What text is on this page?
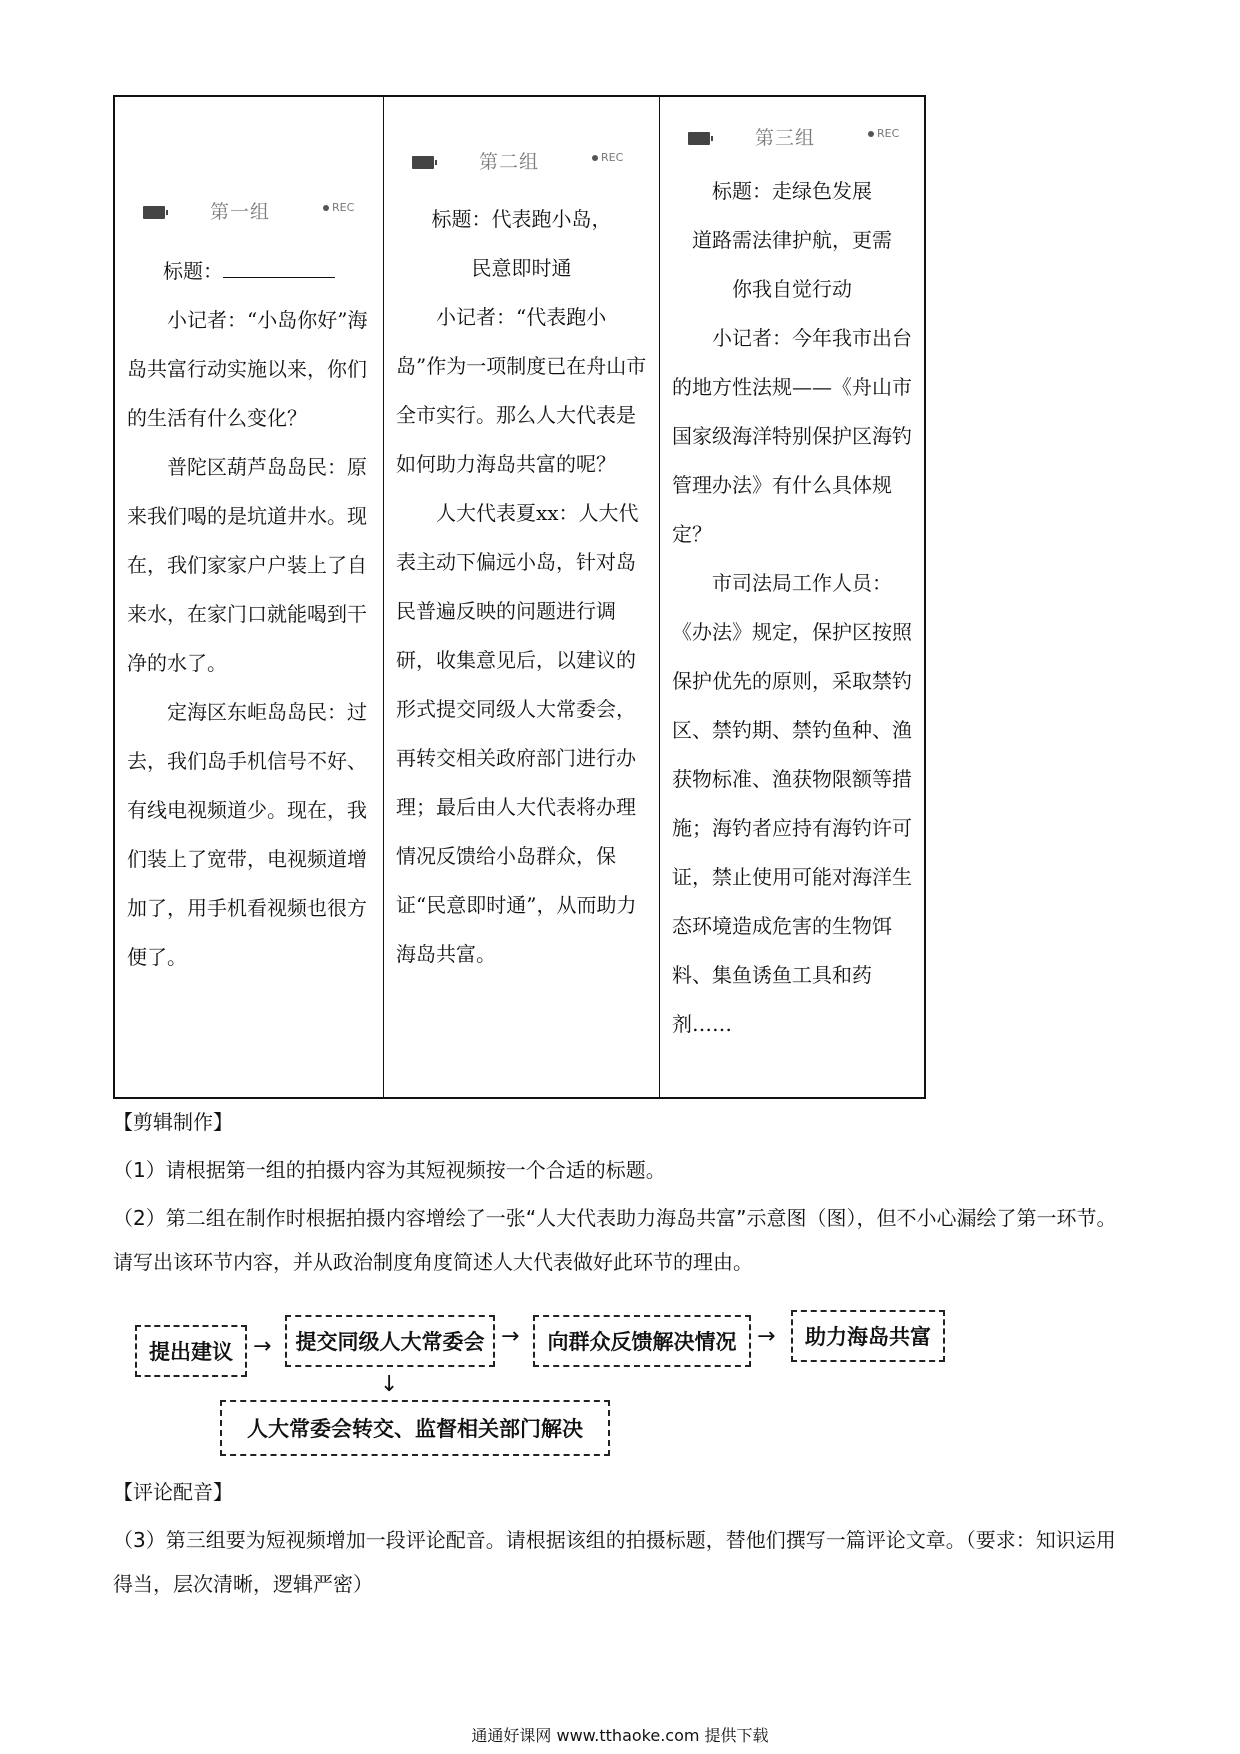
第一组	REC

标题：

小记者：“小岛你好”海岛共富行动实施以来，你们的生活有什么变化？

普陀区葫芦岛岛民：原来我们喝的是坑道井水。现在，我们家家户户装上了自来水，在家门口就能喝到干净的水了。

定海区东岠岛岛民：过去，我们岛手机信号不好、有线电视频道少。现在，我们装上了宽带，电视频道增加了，用手机看视频也很方便了。

第二组	REC

标题：代表跑小岛，

民意即时通

小记者：“代表跑小岛”作为一项制度已在舟山市全市实行。那么人大代表是如何助力海岛共富的呢？

人大代表夏xx：人大代表主动下偏远小岛，针对岛民普遍反映的问题进行调研，收集意见后，以建议的形式提交同级人大常委会，再转交相关政府部门进行办理；最后由人大代表将办理情况反馈给小岛群众，保证“民意即时通”，从而助力海岛共富。

第三组	REC

标题：走绿色发展

道路需法律护航，更需

你我自觉行动

小记者：今年我市出台的地方性法规——《舟山市国家级海洋特别保护区海钓管理办法》有什么具体规定？

市司法局工作人员：《办法》规定，保护区按照保护优先的原则，采取禁钓区、禁钓期、禁钓鱼种、渔获物标准、渔获物限额等措施；海钓者应持有海钓许可证，禁止使用可能对海洋生态环境造成危害的生物饵料、集鱼诱鱼工具和药剂……

【剪辑制作】

（1）请根据第一组的拍摄内容为其短视频按一个合适的标题。

（2）第二组在制作时根据拍摄内容增绘了一张“人大代表助力海岛共富”示意图（图），但不小心漏绘了第一环节。请写出该环节内容，并从政治制度角度简述人大代表做好此环节的理由。

提出建议 →	提交同级人大常委会 →	向群众反馈解决情况 →	助力海岛共富
↓
人大常委会转交、监督相关部门解决

【评论配音】

（3）第三组要为短视频增加一段评论配音。请根据该组的拍摄标题，替他们撰写一篇评论文章。（要求：知识运用得当，层次清晰，逻辑严密）

通通好课网 www.tthaoke.com 提供下载
